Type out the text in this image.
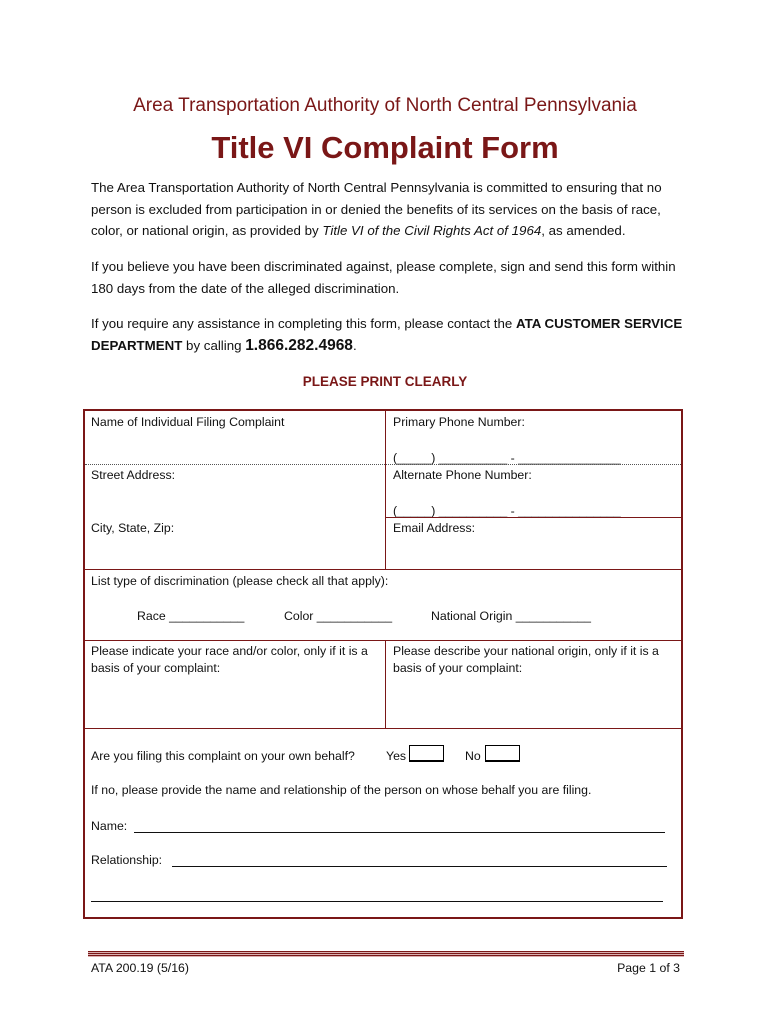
Area Transportation Authority of North Central Pennsylvania
Title VI Complaint Form
The Area Transportation Authority of North Central Pennsylvania is committed to ensuring that no person is excluded from participation in or denied the benefits of its services on the basis of race, color, or national origin, as provided by Title VI of the Civil Rights Act of 1964, as amended.
If you believe you have been discriminated against, please complete, sign and send this form within 180 days from the date of the alleged discrimination.
If you require any assistance in completing this form, please contact the ATA CUSTOMER SERVICE DEPARTMENT by calling 1.866.282.4968.
PLEASE PRINT CLEARLY
Name of Individual Filing Complaint	Primary Phone Number:
(_____) __________ - _______________
Street Address:	Alternate Phone Number:
(_____) __________ - _______________
City, State, Zip:	Email Address:
List type of discrimination (please check all that apply):
Race ___________	Color ___________	National Origin ___________
Please indicate your race and/or color, only if it is a
basis of your complaint:
Please describe your national origin, only if it is a
basis of your complaint:
Are you filing this complaint on your own behalf?	Yes	No
If no, please provide the name and relationship of the person on whose behalf you are filing.
Name:
Relationship:
ATA 200.19 (5/16)	Page 1 of 3
